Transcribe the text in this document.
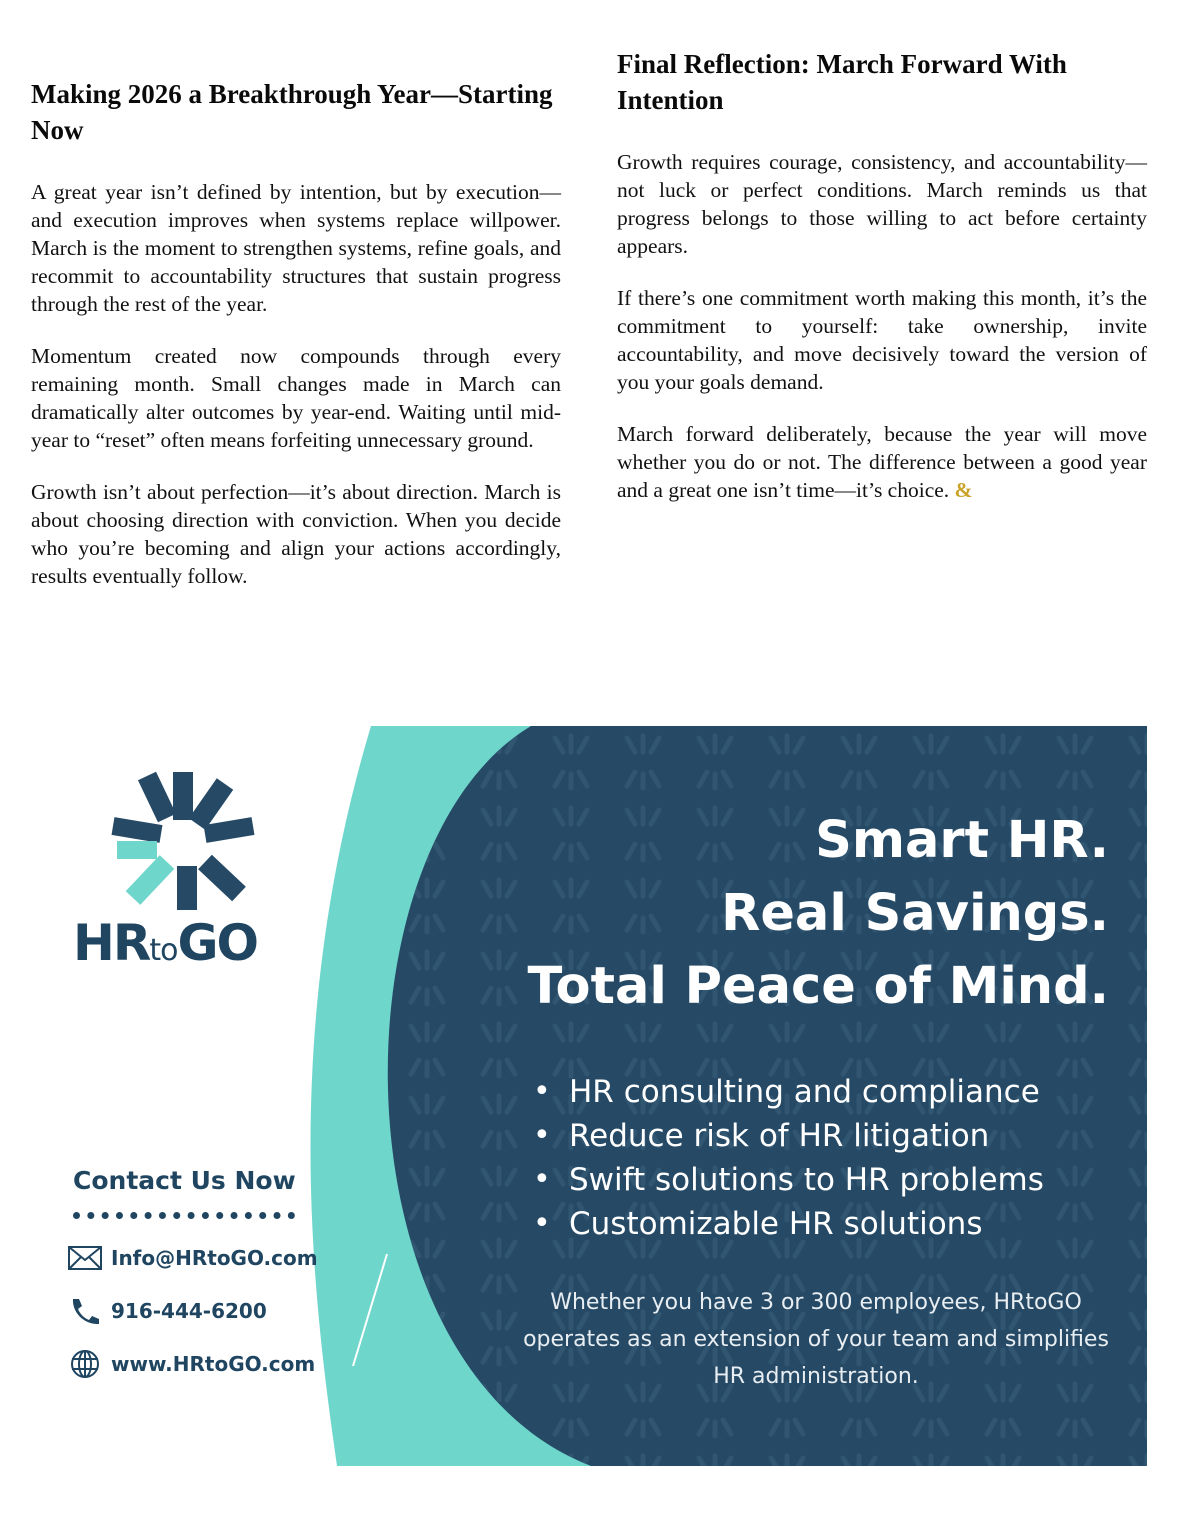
Making 2026 a Breakthrough Year—Starting Now

A great year isn’t defined by intention, but by execution—and execution improves when systems replace willpower. March is the moment to strengthen systems, refine goals, and recommit to accountability structures that sustain progress through the rest of the year.

Momentum created now compounds through every remaining month. Small changes made in March can dramatically alter outcomes by year-end. Waiting until mid-year to “reset” often means forfeiting unnecessary ground.

Growth isn’t about perfection—it’s about direction. March is about choosing direction with conviction. When you decide who you’re becoming and align your actions accordingly, results eventually follow.

Final Reflection: March Forward With Intention

Growth requires courage, consistency, and accountability—not luck or perfect conditions. March reminds us that progress belongs to those willing to act before certainty appears.

If there’s one commitment worth making this month, it’s the commitment to yourself: take ownership, invite accountability, and move decisively toward the version of you your goals demand.

March forward deliberately, because the year will move whether you do or not. The difference between a good year and a great one isn’t time—it’s choice. &

HRtoGO
Smart HR.
Real Savings.
Total Peace of Mind.
• HR consulting and compliance
• Reduce risk of HR litigation
• Swift solutions to HR problems
• Customizable HR solutions
Whether you have 3 or 300 employees, HRtoGO operates as an extension of your team and simplifies HR administration.
Contact Us Now
Info@HRtoGO.com
916-444-6200
www.HRtoGO.com
